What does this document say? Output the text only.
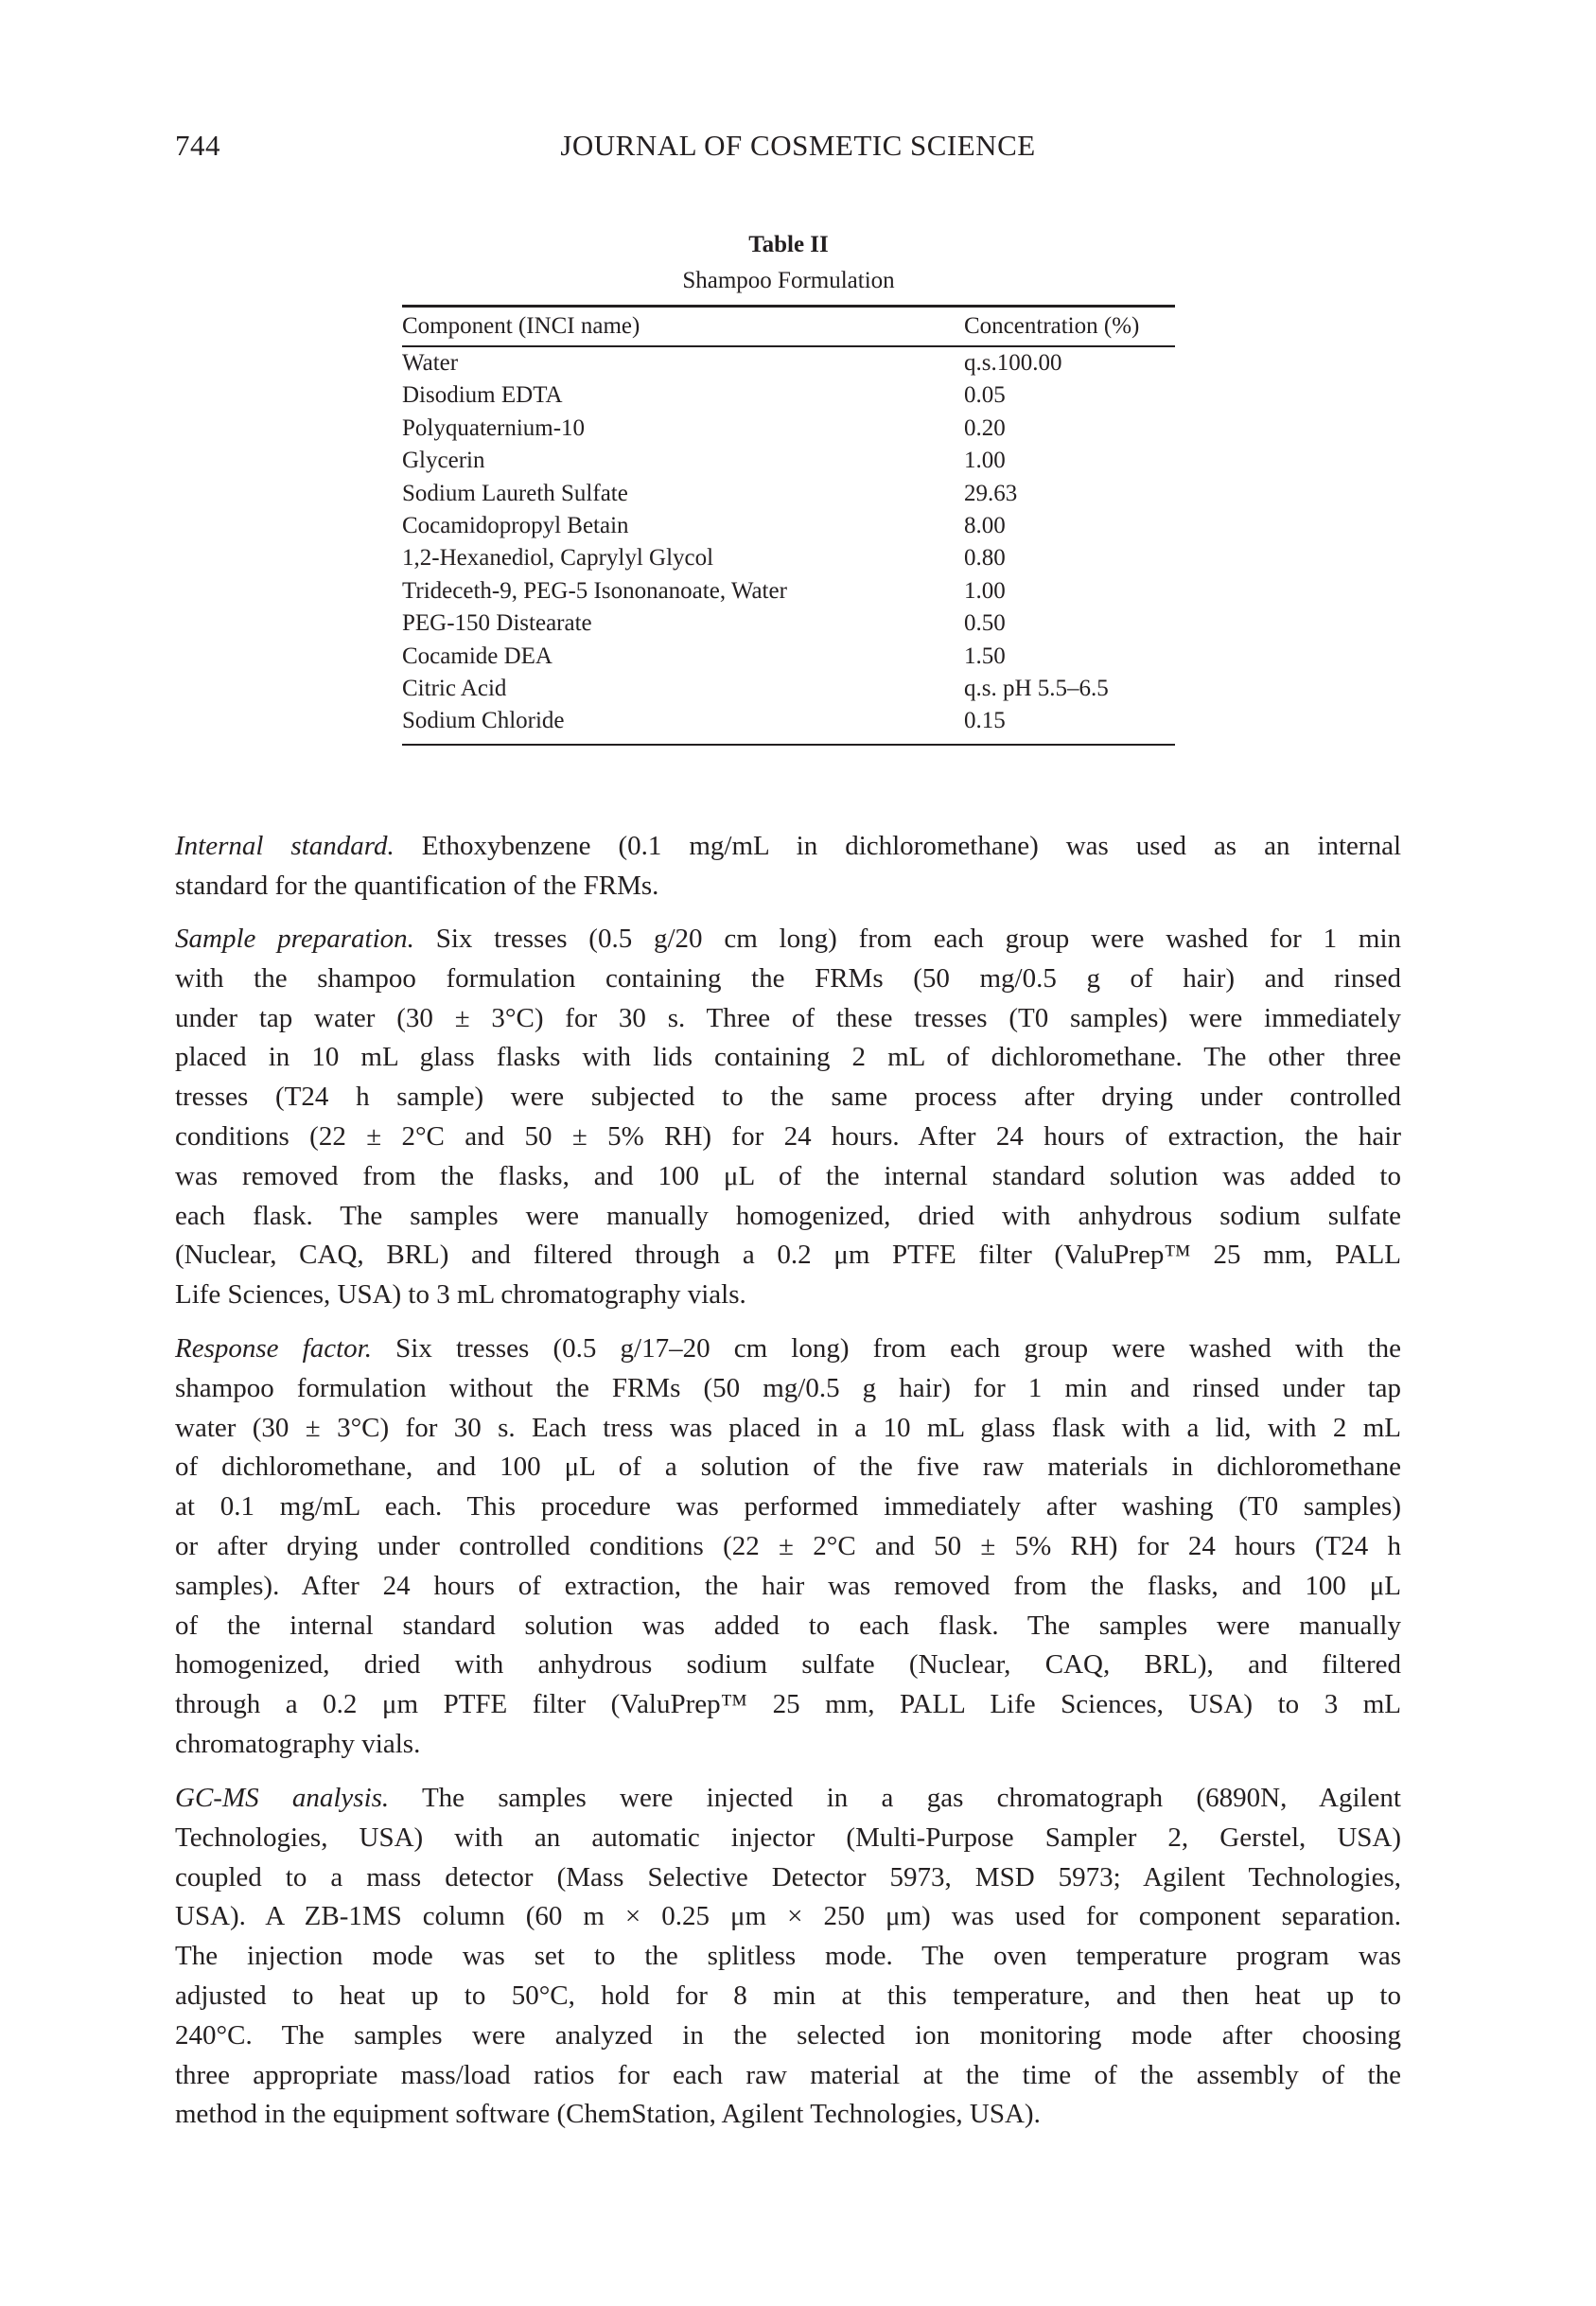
744	JOURNAL OF COSMETIC SCIENCE
Table II
Shampoo Formulation
Component (INCI name)	Concentration (%)
Water	q.s.100.00
Disodium EDTA	0.05
Polyquaternium-10	0.20
Glycerin	1.00
Sodium Laureth Sulfate	29.63
Cocamidopropyl Betain	8.00
1,2-Hexanediol, Caprylyl Glycol	0.80
Trideceth-9, PEG-5 Isononanoate, Water	1.00
PEG-150 Distearate	0.50
Cocamide DEA	1.50
Citric Acid	q.s. pH 5.5–6.5
Sodium Chloride	0.15
Internal standard. Ethoxybenzene (0.1 mg/mL in dichloromethane) was used as an internal
standard for the quantification of the FRMs.
Sample preparation. Six tresses (0.5 g/20 cm long) from each group were washed for 1 min
with the shampoo formulation containing the FRMs (50 mg/0.5 g of hair) and rinsed
under tap water (30 ± 3°C) for 30 s. Three of these tresses (T0 samples) were immediately
placed in 10 mL glass flasks with lids containing 2 mL of dichloromethane. The other three
tresses (T24 h sample) were subjected to the same process after drying under controlled
conditions (22 ± 2°C and 50 ± 5% RH) for 24 hours. After 24 hours of extraction, the hair
was removed from the flasks, and 100 μL of the internal standard solution was added to
each flask. The samples were manually homogenized, dried with anhydrous sodium sulfate
(Nuclear, CAQ, BRL) and filtered through a 0.2 μm PTFE filter (ValuPrep™ 25 mm, PALL
Life Sciences, USA) to 3 mL chromatography vials.
Response factor. Six tresses (0.5 g/17–20 cm long) from each group were washed with the
shampoo formulation without the FRMs (50 mg/0.5 g hair) for 1 min and rinsed under tap
water (30 ± 3°C) for 30 s. Each tress was placed in a 10 mL glass flask with a lid, with 2 mL
of dichloromethane, and 100 μL of a solution of the five raw materials in dichloromethane
at 0.1 mg/mL each. This procedure was performed immediately after washing (T0 samples)
or after drying under controlled conditions (22 ± 2°C and 50 ± 5% RH) for 24 hours (T24 h
samples). After 24 hours of extraction, the hair was removed from the flasks, and 100 μL
of the internal standard solution was added to each flask. The samples were manually
homogenized, dried with anhydrous sodium sulfate (Nuclear, CAQ, BRL), and filtered
through a 0.2 μm PTFE filter (ValuPrep™ 25 mm, PALL Life Sciences, USA) to 3 mL
chromatography vials.
GC-MS analysis. The samples were injected in a gas chromatograph (6890N, Agilent
Technologies, USA) with an automatic injector (Multi-Purpose Sampler 2, Gerstel, USA)
coupled to a mass detector (Mass Selective Detector 5973, MSD 5973; Agilent Technologies,
USA). A ZB-1MS column (60 m × 0.25 μm × 250 μm) was used for component separation.
The injection mode was set to the splitless mode. The oven temperature program was
adjusted to heat up to 50°C, hold for 8 min at this temperature, and then heat up to
240°C. The samples were analyzed in the selected ion monitoring mode after choosing
three appropriate mass/load ratios for each raw material at the time of the assembly of the
method in the equipment software (ChemStation, Agilent Technologies, USA).
